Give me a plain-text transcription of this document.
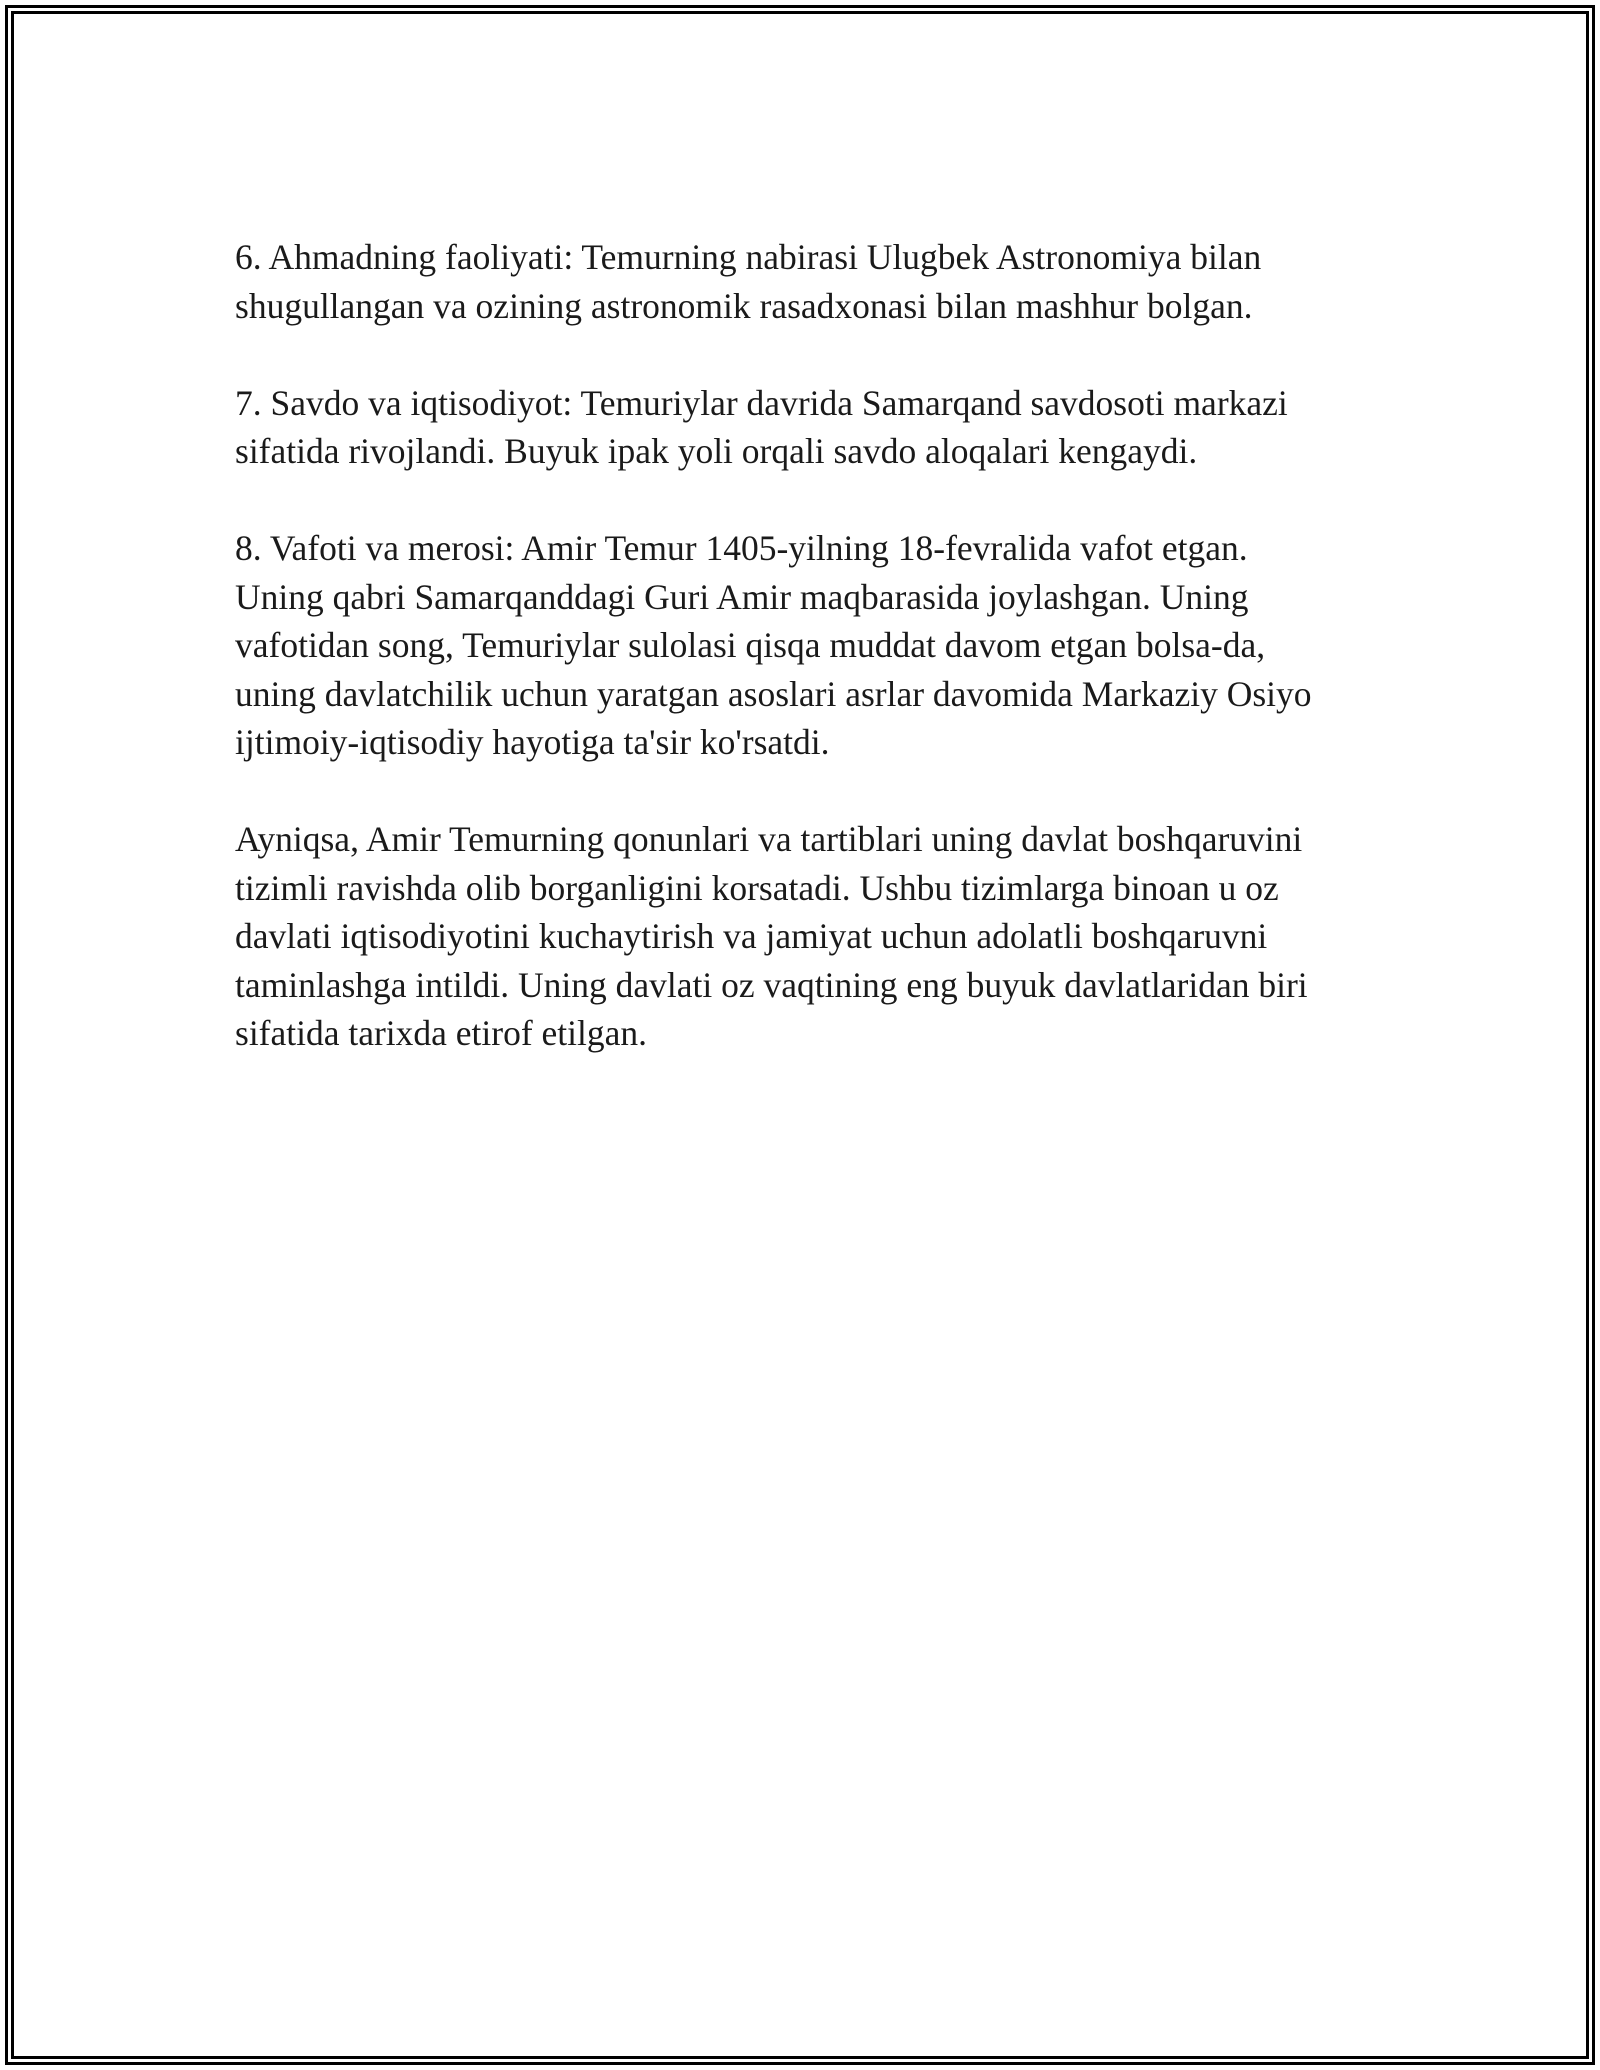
6. Ahmadning faoliyati: Temurning nabirasi Ulugbek Astronomiya bilan
shugullangan va ozining astronomik rasadxonasi bilan mashhur bolgan.

7. Savdo va iqtisodiyot: Temuriylar davrida Samarqand savdosoti markazi
sifatida rivojlandi. Buyuk ipak yoli orqali savdo aloqalari kengaydi.

8. Vafoti va merosi: Amir Temur 1405-yilning 18-fevralida vafot etgan.
Uning qabri Samarqanddagi Guri Amir maqbarasida joylashgan. Uning
vafotidan song, Temuriylar sulolasi qisqa muddat davom etgan bolsa-da,
uning davlatchilik uchun yaratgan asoslari asrlar davomida Markaziy Osiyo
ijtimoiy-iqtisodiy hayotiga ta'sir ko'rsatdi.

Ayniqsa, Amir Temurning qonunlari va tartiblari uning davlat boshqaruvini
tizimli ravishda olib borganligini korsatadi. Ushbu tizimlarga binoan u oz
davlati iqtisodiyotini kuchaytirish va jamiyat uchun adolatli boshqaruvni
taminlashga intildi. Uning davlati oz vaqtining eng buyuk davlatlaridan biri
sifatida tarixda etirof etilgan.
